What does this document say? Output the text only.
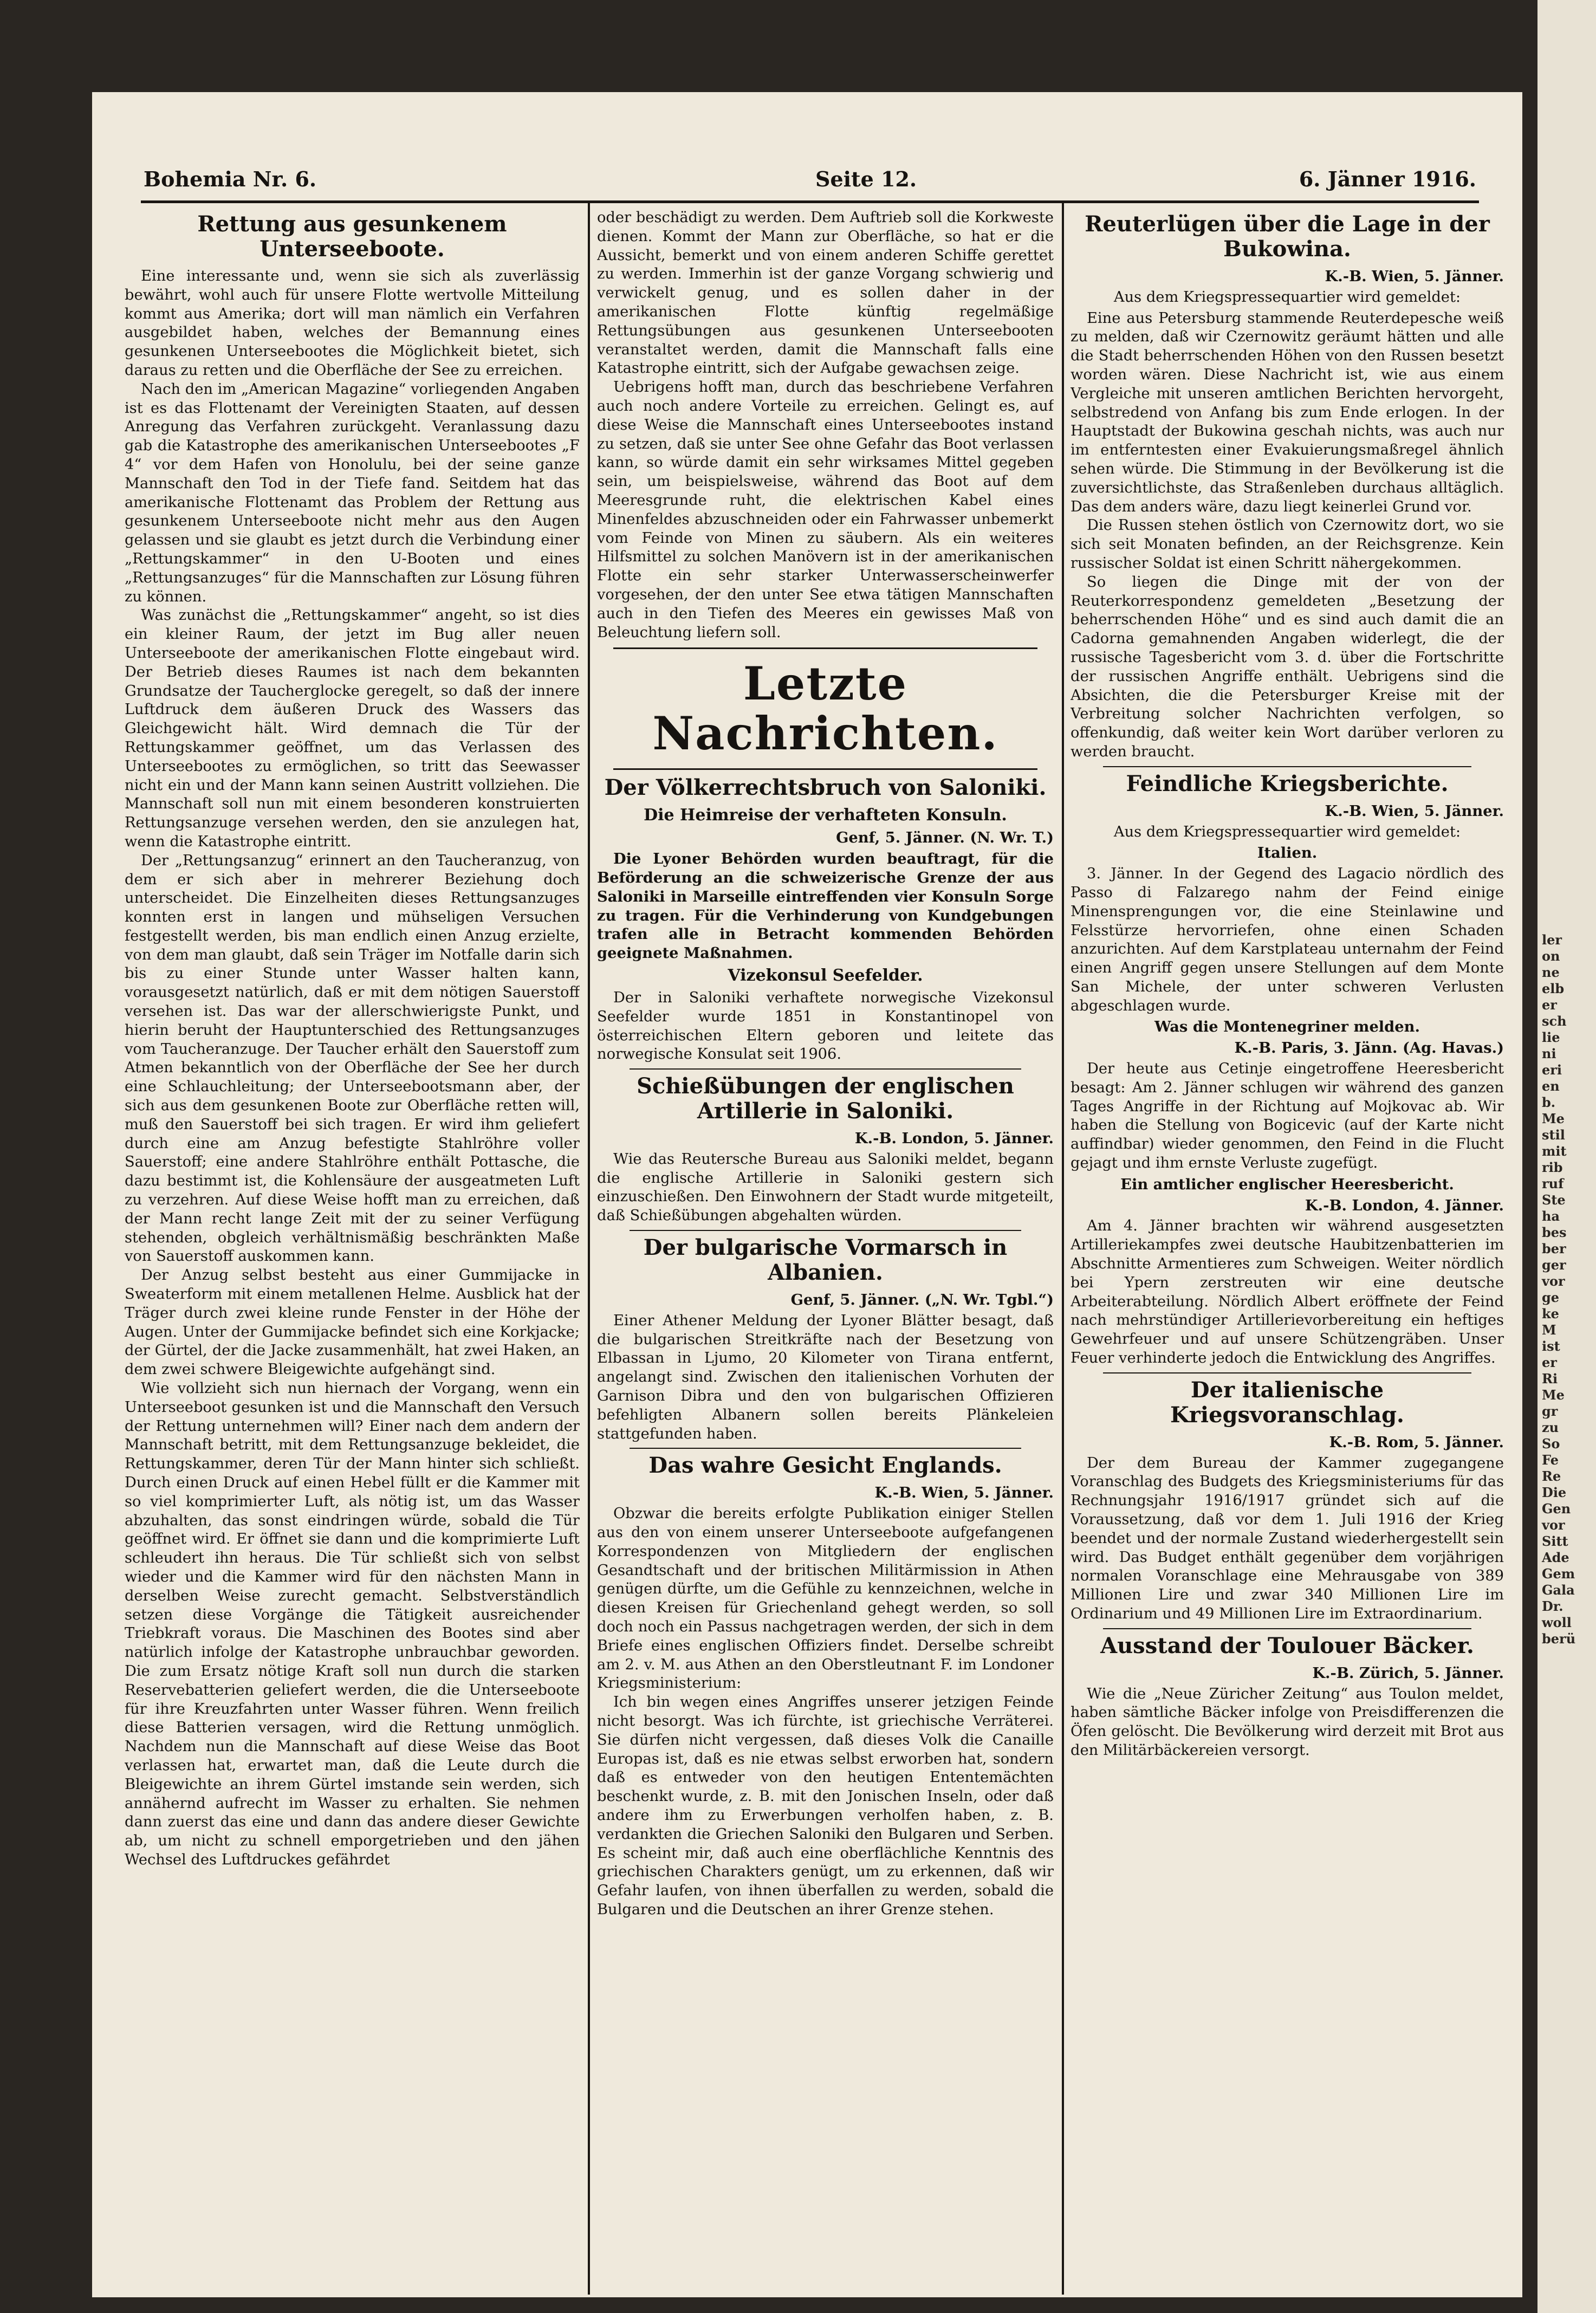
Bohemia Nr. 6.	Seite 12.	6. Jänner 1916.
Rettung aus gesunkenem Unterseeboote.

Eine interessante und, wenn sie sich als zuverlässig bewährt, wohl auch für unsere Flotte wertvolle Mitteilung kommt aus Amerika; dort will man nämlich ein Verfahren ausgebildet haben, welches der Bemannung eines gesunkenen Unterseebootes die Möglichkeit bietet, sich daraus zu retten und die Oberfläche der See zu erreichen.

Nach den im „American Magazine“ vorliegenden Angaben ist es das Flottenamt der Vereinigten Staaten, auf dessen Anregung das Verfahren zurückgeht. Veranlassung dazu gab die Katastrophe des amerikanischen Unterseebootes „F 4“ vor dem Hafen von Honolulu, bei der seine ganze Mannschaft den Tod in der Tiefe fand. Seitdem hat das amerikanische Flottenamt das Problem der Rettung aus gesunkenem Unterseeboote nicht mehr aus den Augen gelassen und sie glaubt es jetzt durch die Verbindung einer „Rettungskammer“ in den U-Booten und eines „Rettungsanzuges“ für die Mannschaften zur Lösung führen zu können.

Was zunächst die „Rettungskammer“ angeht, so ist dies ein kleiner Raum, der jetzt im Bug aller neuen Unterseeboote der amerikanischen Flotte eingebaut wird. Der Betrieb dieses Raumes ist nach dem bekannten Grundsatze der Taucherglocke geregelt, so daß der innere Luftdruck dem äußeren Druck des Wassers das Gleichgewicht hält. Wird demnach die Tür der Rettungskammer geöffnet, um das Verlassen des Unterseebootes zu ermöglichen, so tritt das Seewasser nicht ein und der Mann kann seinen Austritt vollziehen. Die Mannschaft soll nun mit einem besonderen konstruierten Rettungsanzuge versehen werden, den sie anzulegen hat, wenn die Katastrophe eintritt.

Der „Rettungsanzug“ erinnert an den Taucheranzug, von dem er sich aber in mehrerer Beziehung doch unterscheidet. Die Einzelheiten dieses Rettungsanzuges konnten erst in langen und mühseligen Versuchen festgestellt werden, bis man endlich einen Anzug erzielte, von dem man glaubt, daß sein Träger im Notfalle darin sich bis zu einer Stunde unter Wasser halten kann, vorausgesetzt natürlich, daß er mit dem nötigen Sauerstoff versehen ist. Das war der allerschwierigste Punkt, und hierin beruht der Hauptunterschied des Rettungsanzuges vom Taucheranzuge. Der Taucher erhält den Sauerstoff zum Atmen bekanntlich von der Oberfläche der See her durch eine Schlauchleitung; der Unterseebootsmann aber, der sich aus dem gesunkenen Boote zur Oberfläche retten will, muß den Sauerstoff bei sich tragen. Er wird ihm geliefert durch eine am Anzug befestigte Stahlröhre voller Sauerstoff; eine andere Stahlröhre enthält Pottasche, die dazu bestimmt ist, die Kohlensäure der ausgeatmeten Luft zu verzehren. Auf diese Weise hofft man zu erreichen, daß der Mann recht lange Zeit mit der zu seiner Verfügung stehenden, obgleich verhältnismäßig beschränkten Maße von Sauerstoff auskommen kann.

Der Anzug selbst besteht aus einer Gummijacke in Sweaterform mit einem metallenen Helme. Ausblick hat der Träger durch zwei kleine runde Fenster in der Höhe der Augen. Unter der Gummijacke befindet sich eine Korkjacke; der Gürtel, der die Jacke zusammenhält, hat zwei Haken, an dem zwei schwere Bleigewichte aufgehängt sind.

Wie vollzieht sich nun hiernach der Vorgang, wenn ein Unterseeboot gesunken ist und die Mannschaft den Versuch der Rettung unternehmen will? Einer nach dem andern der Mannschaft betritt, mit dem Rettungsanzuge bekleidet, die Rettungskammer, deren Tür der Mann hinter sich schließt. Durch einen Druck auf einen Hebel füllt er die Kammer mit so viel komprimierter Luft, als nötig ist, um das Wasser abzuhalten, das sonst eindringen würde, sobald die Tür geöffnet wird. Er öffnet sie dann und die komprimierte Luft schleudert ihn heraus. Die Tür schließt sich von selbst wieder und die Kammer wird für den nächsten Mann in derselben Weise zurecht gemacht. Selbstverständlich setzen diese Vorgänge die Tätigkeit ausreichender Triebkraft voraus. Die Maschinen des Bootes sind aber natürlich infolge der Katastrophe unbrauchbar geworden. Die zum Ersatz nötige Kraft soll nun durch die starken Reservebatterien geliefert werden, die die Unterseeboote für ihre Kreuzfahrten unter Wasser führen. Wenn freilich diese Batterien versagen, wird die Rettung unmöglich. Nachdem nun die Mannschaft auf diese Weise das Boot verlassen hat, erwartet man, daß die Leute durch die Bleigewichte an ihrem Gürtel imstande sein werden, sich annähernd aufrecht im Wasser zu erhalten. Sie nehmen dann zuerst das eine und dann das andere dieser Gewichte ab, um nicht zu schnell emporgetrieben und den jähen Wechsel des Luftdruckes gefährdet

oder beschädigt zu werden. Dem Auftrieb soll die Korkweste dienen. Kommt der Mann zur Oberfläche, so hat er die Aussicht, bemerkt und von einem anderen Schiffe gerettet zu werden. Immerhin ist der ganze Vorgang schwierig und verwickelt genug, und es sollen daher in der amerikanischen Flotte künftig regelmäßige Rettungsübungen aus gesunkenen Unterseebooten veranstaltet werden, damit die Mannschaft falls eine Katastrophe eintritt, sich der Aufgabe gewachsen zeige.

Uebrigens hofft man, durch das beschriebene Verfahren auch noch andere Vorteile zu erreichen. Gelingt es, auf diese Weise die Mannschaft eines Unterseebootes instand zu setzen, daß sie unter See ohne Gefahr das Boot verlassen kann, so würde damit ein sehr wirksames Mittel gegeben sein, um beispielsweise, während das Boot auf dem Meeresgrunde ruht, die elektrischen Kabel eines Minenfeldes abzuschneiden oder ein Fahrwasser unbemerkt vom Feinde von Minen zu säubern. Als ein weiteres Hilfsmittel zu solchen Manövern ist in der amerikanischen Flotte ein sehr starker Unterwasserscheinwerfer vorgesehen, der den unter See etwa tätigen Mannschaften auch in den Tiefen des Meeres ein gewisses Maß von Beleuchtung liefern soll.

Letzte Nachrichten.
Der Völkerrechtsbruch von Saloniki.
Die Heimreise der verhafteten Konsuln.
Genf, 5. Jänner. (N. Wr. T.)

Die Lyoner Behörden wurden beauftragt, für die Beförderung an die schweizerische Grenze der aus Saloniki in Marseille eintreffenden vier Konsuln Sorge zu tragen. Für die Verhinderung von Kundgebungen trafen alle in Betracht kommenden Behörden geeignete Maßnahmen.

Vizekonsul Seefelder.

Der in Saloniki verhaftete norwegische Vizekonsul Seefelder wurde 1851 in Konstantinopel von österreichischen Eltern geboren und leitete das norwegische Konsulat seit 1906.

Schießübungen der englischen Artillerie in Saloniki.
K.-B. London, 5. Jänner.

Wie das Reutersche Bureau aus Saloniki meldet, begann die englische Artillerie in Saloniki gestern sich einzuschießen. Den Einwohnern der Stadt wurde mitgeteilt, daß Schießübungen abgehalten würden.

Der bulgarische Vormarsch in Albanien.
Genf, 5. Jänner. („N. Wr. Tgbl.“)

Einer Athener Meldung der Lyoner Blätter besagt, daß die bulgarischen Streitkräfte nach der Besetzung von Elbassan in Ljumo, 20 Kilometer von Tirana entfernt, angelangt sind. Zwischen den italienischen Vorhuten der Garnison Dibra und den von bulgarischen Offizieren befehligten Albanern sollen bereits Plänkeleien stattgefunden haben.

Das wahre Gesicht Englands.
K.-B. Wien, 5. Jänner.

Obzwar die bereits erfolgte Publikation einiger Stellen aus den von einem unserer Unterseeboote aufgefangenen Korrespondenzen von Mitgliedern der englischen Gesandtschaft und der britischen Militärmission in Athen genügen dürfte, um die Gefühle zu kennzeichnen, welche in diesen Kreisen für Griechenland gehegt werden, so soll doch noch ein Passus nachgetragen werden, der sich in dem Briefe eines englischen Offiziers findet. Derselbe schreibt am 2. v. M. aus Athen an den Oberstleutnant F. im Londoner Kriegsministerium:

Ich bin wegen eines Angriffes unserer jetzigen Feinde nicht besorgt. Was ich fürchte, ist griechische Verräterei. Sie dürfen nicht vergessen, daß dieses Volk die Canaille Europas ist, daß es nie etwas selbst erworben hat, sondern daß es entweder von den heutigen Ententemächten beschenkt wurde, z. B. mit den Jonischen Inseln, oder daß andere ihm zu Erwerbungen verholfen haben, z. B. verdankten die Griechen Saloniki den Bulgaren und Serben. Es scheint mir, daß auch eine oberflächliche Kenntnis des griechischen Charakters genügt, um zu erkennen, daß wir Gefahr laufen, von ihnen überfallen zu werden, sobald die Bulgaren und die Deutschen an ihrer Grenze stehen.

Reuterlügen über die Lage in der Bukowina.
K.-B. Wien, 5. Jänner.
Aus dem Kriegspressequartier wird gemeldet:

Eine aus Petersburg stammende Reuterdepesche weiß zu melden, daß wir Czernowitz geräumt hätten und alle die Stadt beherrschenden Höhen von den Russen besetzt worden wären. Diese Nachricht ist, wie aus einem Vergleiche mit unseren amtlichen Berichten hervorgeht, selbstredend von Anfang bis zum Ende erlogen. In der Hauptstadt der Bukowina geschah nichts, was auch nur im entferntesten einer Evakuierungsmaßregel ähnlich sehen würde. Die Stimmung in der Bevölkerung ist die zuversichtlichste, das Straßenleben durchaus alltäglich. Das dem anders wäre, dazu liegt keinerlei Grund vor.

Die Russen stehen östlich von Czernowitz dort, wo sie sich seit Monaten befinden, an der Reichsgrenze. Kein russischer Soldat ist einen Schritt nähergekommen.

So liegen die Dinge mit der von der Reuterkorrespondenz gemeldeten „Besetzung der beherrschenden Höhe“ und es sind auch damit die an Cadorna gemahnenden Angaben widerlegt, die der russische Tagesbericht vom 3. d. über die Fortschritte der russischen Angriffe enthält. Uebrigens sind die Absichten, die die Petersburger Kreise mit der Verbreitung solcher Nachrichten verfolgen, so offenkundig, daß weiter kein Wort darüber verloren zu werden braucht.

Feindliche Kriegsberichte.
K.-B. Wien, 5. Jänner.
Aus dem Kriegspressequartier wird gemeldet:
Italien.

3. Jänner. In der Gegend des Lagacio nördlich des Passo di Falzarego nahm der Feind einige Minensprengungen vor, die eine Steinlawine und Felsstürze hervorriefen, ohne einen Schaden anzurichten. Auf dem Karstplateau unternahm der Feind einen Angriff gegen unsere Stellungen auf dem Monte San Michele, der unter schweren Verlusten abgeschlagen wurde.

Was die Montenegriner melden.
K.-B. Paris, 3. Jänn. (Ag. Havas.)

Der heute aus Cetinje eingetroffene Heeresbericht besagt: Am 2. Jänner schlugen wir während des ganzen Tages Angriffe in der Richtung auf Mojkovac ab. Wir haben die Stellung von Bogicevic (auf der Karte nicht auffindbar) wieder genommen, den Feind in die Flucht gejagt und ihm ernste Verluste zugefügt.

Ein amtlicher englischer Heeresbericht.
K.-B. London, 4. Jänner.

Am 4. Jänner brachten wir während ausgesetzten Artilleriekampfes zwei deutsche Haubitzenbatterien im Abschnitte Armentieres zum Schweigen. Weiter nördlich bei Ypern zerstreuten wir eine deutsche Arbeiterabteilung. Nördlich Albert eröffnete der Feind nach mehrstündiger Artillerievorbereitung ein heftiges Gewehrfeuer und auf unsere Schützengräben. Unser Feuer verhinderte jedoch die Entwicklung des Angriffes.

Der italienische Kriegsvoranschlag.
K.-B. Rom, 5. Jänner.

Der dem Bureau der Kammer zugegangene Voranschlag des Budgets des Kriegsministeriums für das Rechnungsjahr 1916/1917 gründet sich auf die Voraussetzung, daß vor dem 1. Juli 1916 der Krieg beendet und der normale Zustand wiederhergestellt sein wird. Das Budget enthält gegenüber dem vorjährigen normalen Voranschlage eine Mehrausgabe von 389 Millionen Lire und zwar 340 Millionen Lire im Ordinarium und 49 Millionen Lire im Extraordinarium.

Ausstand der Toulouer Bäcker.
K.-B. Zürich, 5. Jänner.

Wie die „Neue Züricher Zeitung“ aus Toulon meldet, haben sämtliche Bäcker infolge von Preisdifferenzen die Öfen gelöscht. Die Bevölkerung wird derzeit mit Brot aus den Militärbäckereien versorgt.

ler
on
ne
elb
er
sch
lie
ni
eri
en
b.
Me
stil
mit
rib
ruf
Ste
ha
bes
ber
ger
vor
ge
ke
M
ist
er
Ri
Me
gr
zu
So
Fe
Re
Die
Gen
vor
Sitt
Ade
Gem
Gala
Dr.
woll
berü
